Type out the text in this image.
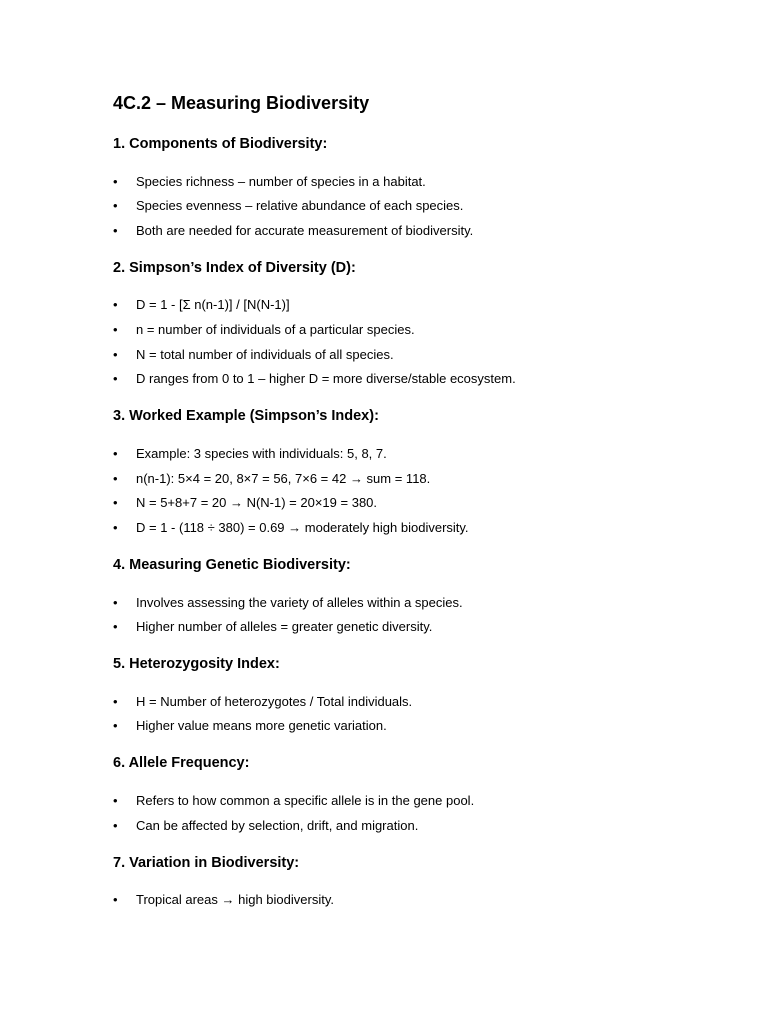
4C.2 – Measuring Biodiversity
1. Components of Biodiversity:
• Species richness – number of species in a habitat.
• Species evenness – relative abundance of each species.
• Both are needed for accurate measurement of biodiversity.
2. Simpson’s Index of Diversity (D):
• D = 1 - [Σ n(n-1)] / [N(N-1)]
• n = number of individuals of a particular species.
• N = total number of individuals of all species.
• D ranges from 0 to 1 – higher D = more diverse/stable ecosystem.
3. Worked Example (Simpson’s Index):
• Example: 3 species with individuals: 5, 8, 7.
• n(n-1): 5×4 = 20, 8×7 = 56, 7×6 = 42 → sum = 118.
• N = 5+8+7 = 20 → N(N-1) = 20×19 = 380.
• D = 1 - (118 ÷ 380) = 0.69 → moderately high biodiversity.
4. Measuring Genetic Biodiversity:
• Involves assessing the variety of alleles within a species.
• Higher number of alleles = greater genetic diversity.
5. Heterozygosity Index:
• H = Number of heterozygotes / Total individuals.
• Higher value means more genetic variation.
6. Allele Frequency:
• Refers to how common a specific allele is in the gene pool.
• Can be affected by selection, drift, and migration.
7. Variation in Biodiversity:
• Tropical areas → high biodiversity.
